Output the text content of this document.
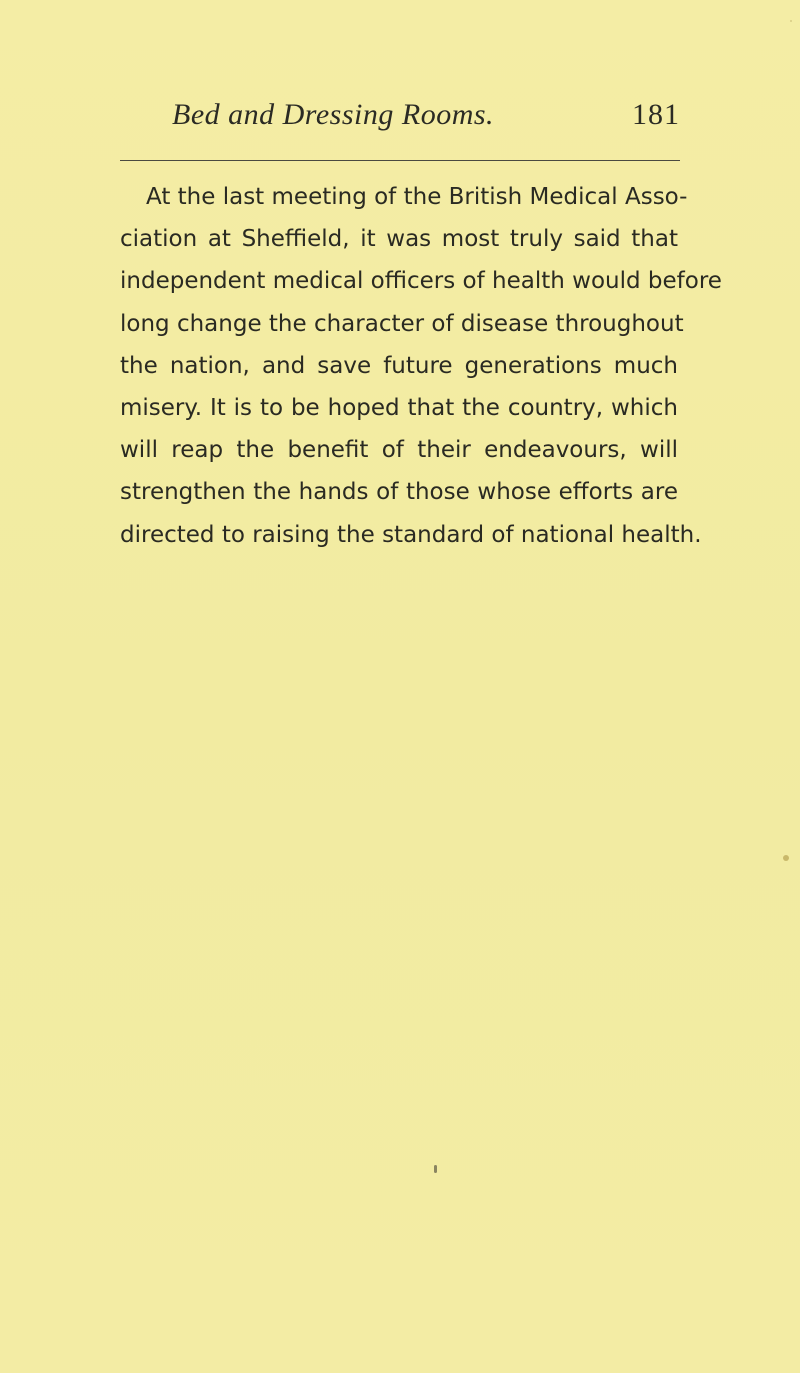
Bed and Dressing Rooms.	181
At the last meeting of the British Medical Asso-
ciation at Sheffield, it was most truly said that
independent medical officers of health would before
long change the character of disease throughout
the nation, and save future generations much
misery. It is to be hoped that the country, which
will reap the benefit of their endeavours, will
strengthen the hands of those whose efforts are
directed to raising the standard of national health.
